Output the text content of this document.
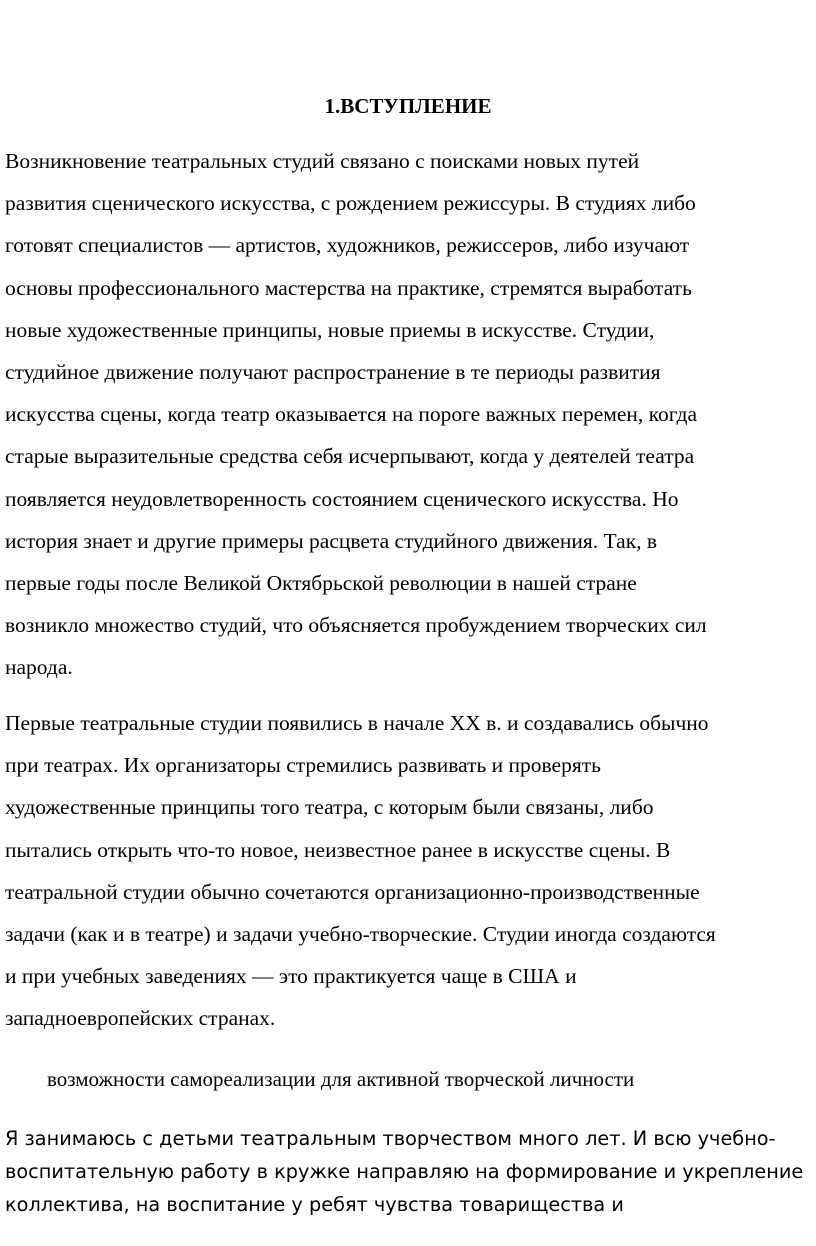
1.ВСТУПЛЕНИЕ

Возникновение театральных студий связано с поисками новых путей
развития сценического искусства, с рождением режиссуры. В студиях либо
готовят специалистов — артистов, художников, режиссеров, либо изучают
основы профессионального мастерства на практике, стремятся выработать
новые художественные принципы, новые приемы в искусстве. Студии,
студийное движение получают распространение в те периоды развития
искусства сцены, когда театр оказывается на пороге важных перемен, когда
старые выразительные средства себя исчерпывают, когда у деятелей театра
появляется неудовлетворенность состоянием сценического искусства. Но
история знает и другие примеры расцвета студийного движения. Так, в
первые годы после Великой Октябрьской революции в нашей стране
возникло множество студий, что объясняется пробуждением творческих сил
народа.

Первые театральные студии появились в начале XX в. и создавались обычно
при театрах. Их организаторы стремились развивать и проверять
художественные принципы того театра, с которым были связаны, либо
пытались открыть что-то новое, неизвестное ранее в искусстве сцены. В
театральной студии обычно сочетаются организационно-производственные
задачи (как и в театре) и задачи учебно-творческие. Студии иногда создаются
и при учебных заведениях — это практикуется чаще в США и
западноевропейских странах.

возможности самореализации для активной творческой личности

Я занимаюсь с детьми театральным творчеством много лет. И всю учебно-
воспитательную работу в кружке направляю на формирование и укрепление
коллектива, на воспитание у ребят чувства товарищества и
